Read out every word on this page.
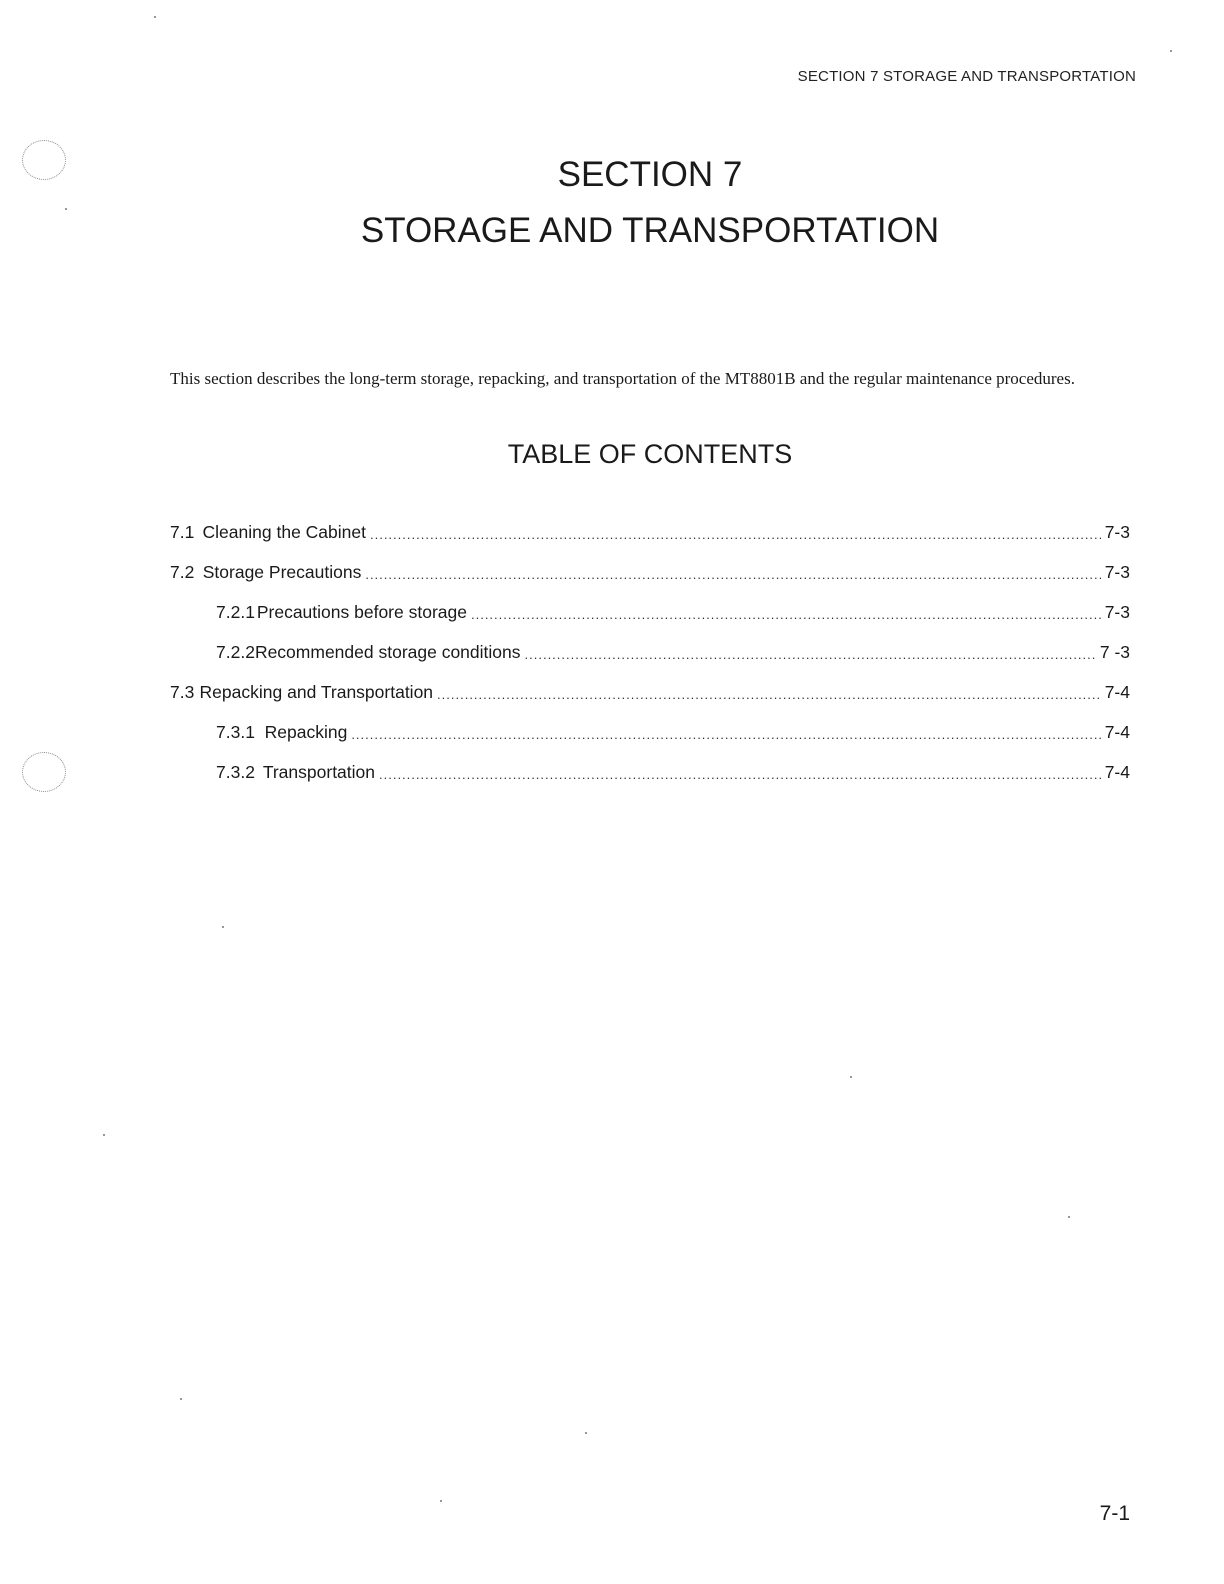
SECTION 7 STORAGE AND TRANSPORTATION
SECTION 7
STORAGE AND TRANSPORTATION

This section describes the long-term storage, repacking, and transportation of the MT8801B and the regular maintenance procedures.

TABLE OF CONTENTS
7.1 Cleaning the Cabinet .....	7-3
7.2 Storage Precautions .....	7-3
7.2.1 Precautions before storage .....	7-3
7.2.2 Recommended storage conditions .....	7 -3
7.3 Repacking and Transportation .....	7-4
7.3.1 Repacking .....	7-4
7.3.2 Transportation .....	7-4
7-1
